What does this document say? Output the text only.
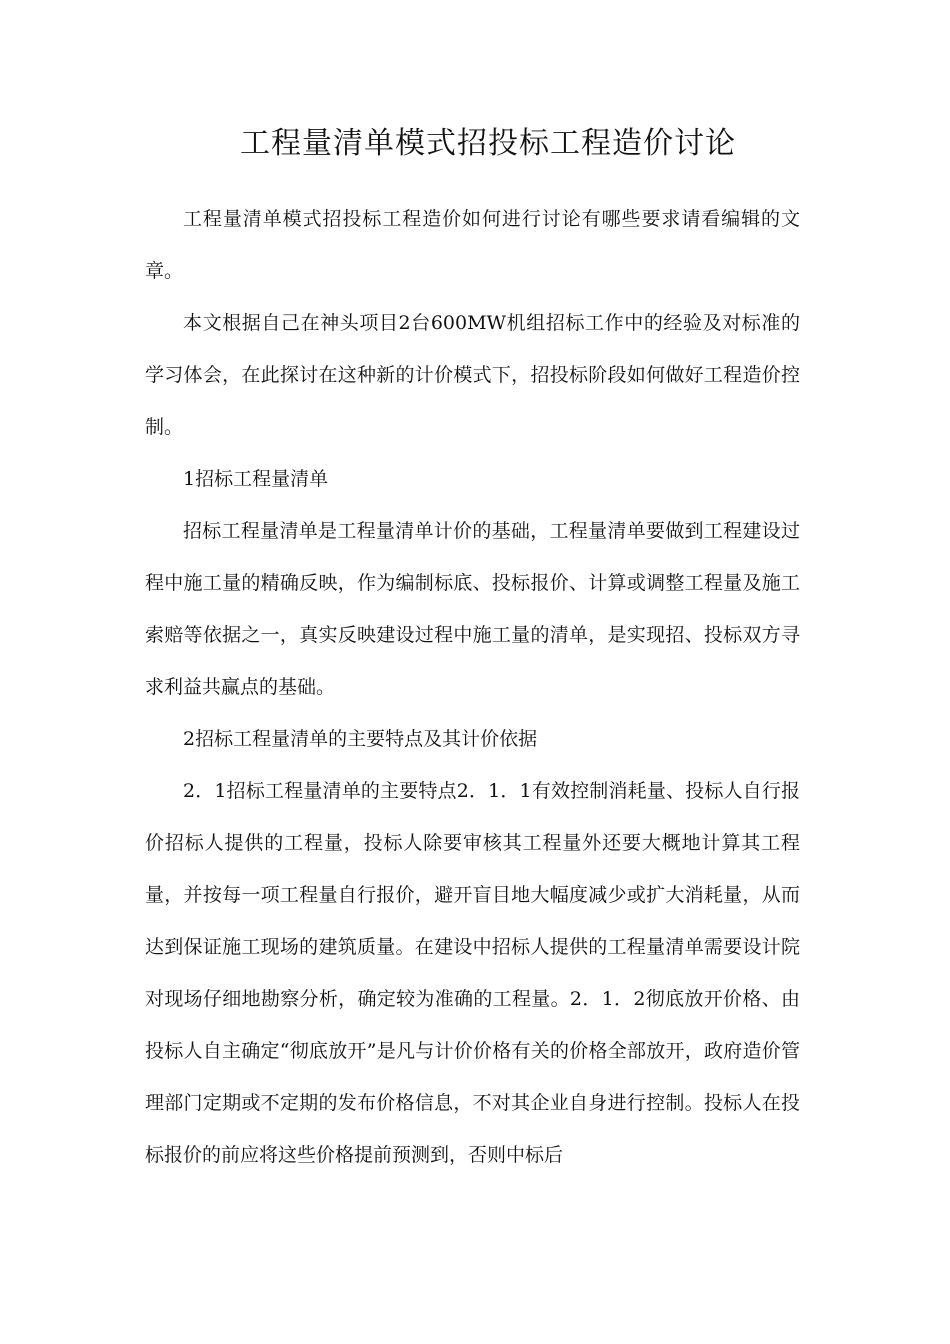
工程量清单模式招投标工程造价讨论

工程量清单模式招投标工程造价如何进行讨论有哪些要求请看编辑的文章。

本文根据自己在神头项目2台600MW机组招标工作中的经验及对标准的学习体会，在此探讨在这种新的计价模式下，招投标阶段如何做好工程造价控制。

1招标工程量清单

招标工程量清单是工程量清单计价的基础，工程量清单要做到工程建设过程中施工量的精确反映，作为编制标底、投标报价、计算或调整工程量及施工索赔等依据之一，真实反映建设过程中施工量的清单，是实现招、投标双方寻求利益共赢点的基础。

2招标工程量清单的主要特点及其计价依据

2．1招标工程量清单的主要特点2．1．1有效控制消耗量、投标人自行报价招标人提供的工程量，投标人除要审核其工程量外还要大概地计算其工程量，并按每一项工程量自行报价，避开盲目地大幅度减少或扩大消耗量，从而达到保证施工现场的建筑质量。在建设中招标人提供的工程量清单需要设计院对现场仔细地勘察分析，确定较为准确的工程量。2．1．2彻底放开价格、由投标人自主确定“彻底放开”是凡与计价价格有关的价格全部放开，政府造价管理部门定期或不定期的发布价格信息，不对其企业自身进行控制。投标人在投标报价的前应将这些价格提前预测到，否则中标后
